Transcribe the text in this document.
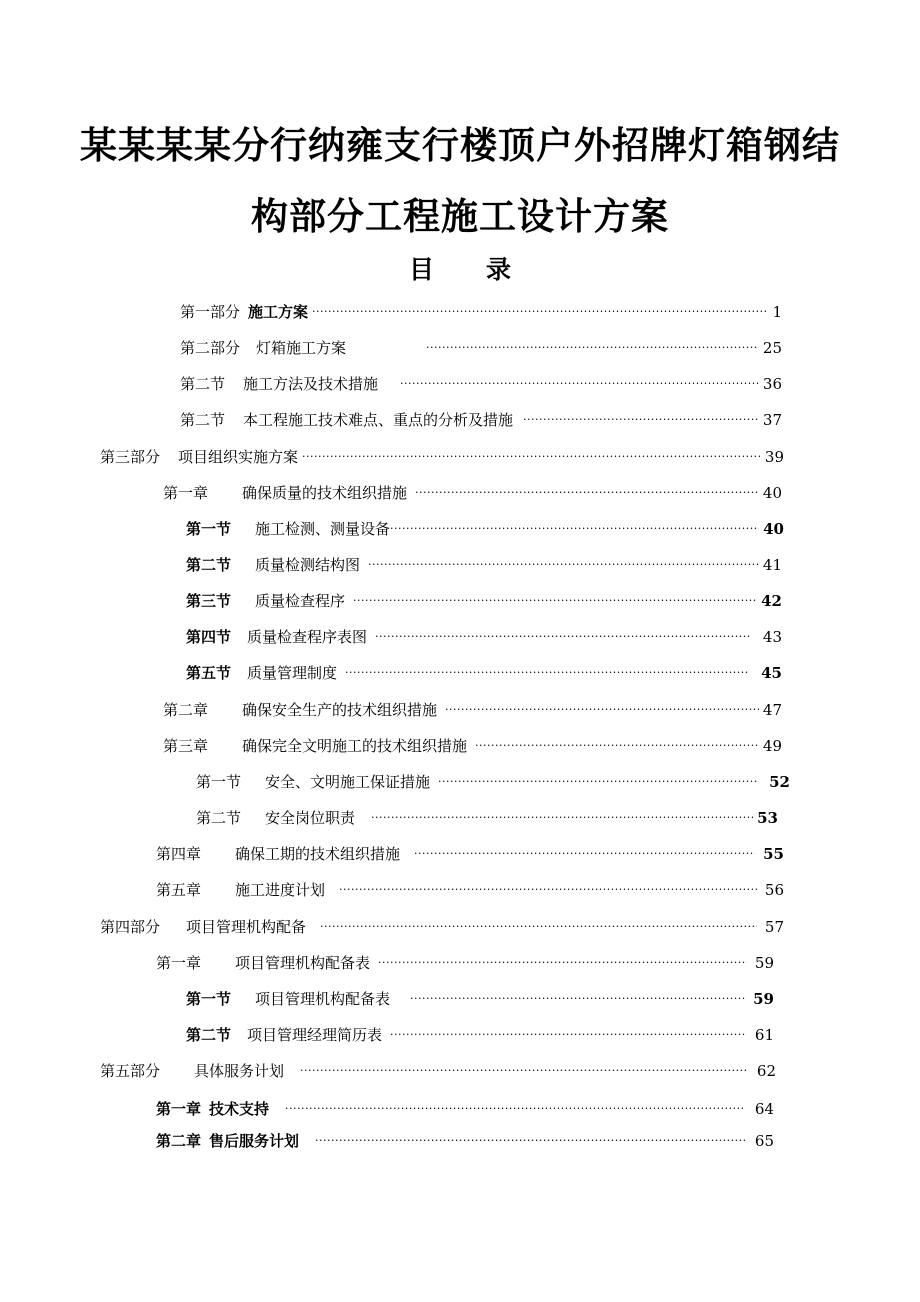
某某某某分行纳雍支行楼顶户外招牌灯箱钢结
构部分工程施工设计方案
目 录
第一部分 施工方案 ·····	1
第二部分 灯箱施工方案 ·····	25
第二节 施工方法及技术措施 ·····	36
第二节 本工程施工技术难点、重点的分析及措施 ·····	37
第三部分 项目组织实施方案 ·····	39
第一章 确保质量的技术组织措施 ·····	40
第一节 施工检测、测量设备 ·····	40
第二节 质量检测结构图 ·····	41
第三节 质量检查程序 ·····	42
第四节 质量检查程序表图 ·····	43
第五节 质量管理制度 ·····	45
第二章 确保安全生产的技术组织措施 ·····	47
第三章 确保完全文明施工的技术组织措施 ·····	49
第一节 安全、文明施工保证措施 ·····	52
第二节 安全岗位职责 ·····	53
第四章 确保工期的技术组织措施 ·····	55
第五章 施工进度计划 ·····	56
第四部分 项目管理机构配备 ·····	57
第一章 项目管理机构配备表 ·····	59
第一节 项目管理机构配备表 ·····	59
第二节 项目管理经理简历表 ·····	61
第五部分 具体服务计划 ·····	62
第一章 技术支持 ·····	64
第二章 售后服务计划 ·····	65
